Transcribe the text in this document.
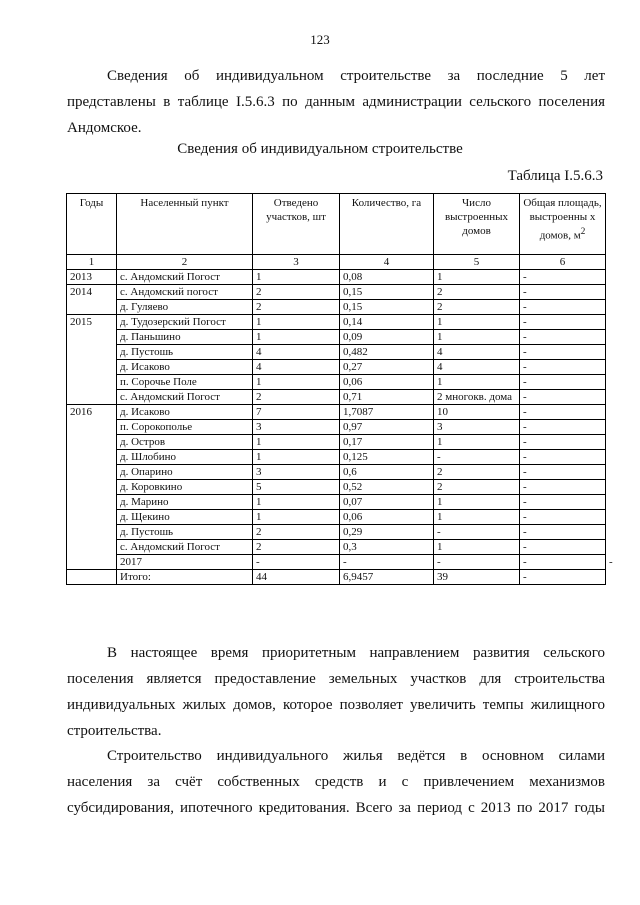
123
Сведения об индивидуальном строительстве за последние 5 лет
представлены в таблице I.5.6.3 по данным администрации сельского поселения
Андомское.
Сведения об индивидуальном строительстве
Таблица I.5.6.3
Годы	Населенный пункт	Отведено участков, шт	Количество, га	Число выстроенных домов	Общая площадь, выстроенны х домов, $м^2$
1	2	3	4	5	6	
2013	с. Андомский Погост	1	0,08	1	-	
2014	с. Андомский погост	2	0,15	2	-	
	д. Гуляево	2	0,15	2	-	
2015	д. Тудозерский Погост	1	0,14	1	-	
	д. Паньшино	1	0,09	1	-	
	д. Пустошь	4	0,482	4	-	
	д. Исаково	4	0,27	4	-	
	п. Сорочье Поле	1	0,06	1	-	
	с. Андомский Погост	2	0,71	2 многокв. дома	-	
2016	д. Исаково	7	1,7087	10	-	
	п. Сорокополье	3	0,97	3	-	
	д. Остров	1	0,17	1	-	
	д. Шлобино	1	0,125	-	-	
	д. Опарино	3	0,6	2	-	
	д. Коровкино	5	0,52	2	-	
	д. Марино	1	0,07	1	-	
	д. Щекино	1	0,06	1	-	
	д. Пустошь	2	0,29	-	-	
	с. Андомский Погост	2	0,3	1	-	
	2017	-	-	-	-	-
	Итого:	44	6,9457	39	-	
В настоящее время приоритетным направлением развития сельского
поселения является предоставление земельных участков для строительства
индивидуальных жилых домов, которое позволяет увеличить темпы жилищного
строительства.
Строительство индивидуального жилья ведётся в основном силами
населения за счёт собственных средств и с привлечением механизмов
субсидирования, ипотечного кредитования. Всего за период с 2013 по 2017 годы
